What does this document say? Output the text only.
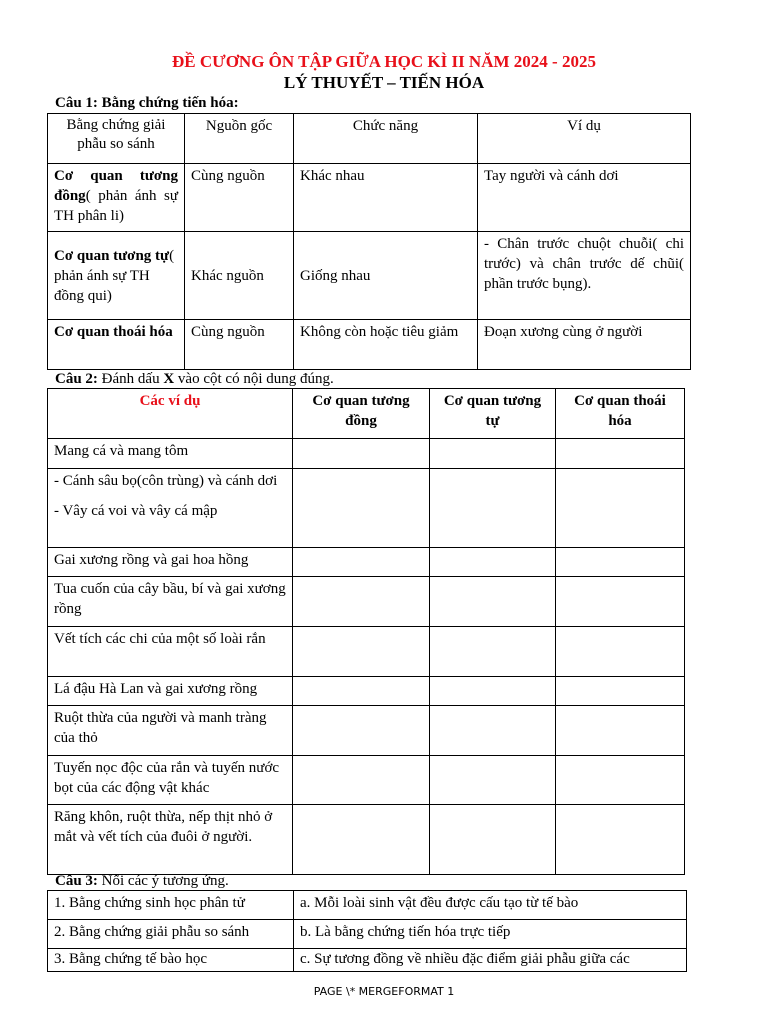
ĐỀ CƯƠNG ÔN TẬP GIỮA HỌC KÌ II NĂM 2024 - 2025
LÝ THUYẾT – TIẾN HÓA
Câu 1: Bằng chứng tiến hóa:
Bằng chứng giải phẫu so sánh	Nguồn gốc	Chức năng	Ví dụ
Cơ quan tương đồng( phản ánh sự TH phân li)	Cùng nguồn	Khác nhau	Tay người và cánh dơi
Cơ quan tương tự( phản ánh sự TH đồng qui)	Khác nguồn	Giống nhau	- Chân trước chuột chuỗi( chi trước) và chân trước dế chũi( phần trước bụng).
Cơ quan thoái hóa	Cùng nguồn	Không còn hoặc tiêu giảm	Đoạn xương cùng ở người
Câu 2: Đánh dấu X vào cột có nội dung đúng.
Các ví dụ	Cơ quan tương đồng	Cơ quan tương tự	Cơ quan thoái hóa
Mang cá và mang tôm			

- Cánh sâu bọ(côn trùng) và cánh dơi

- Vây cá voi và vây cá mập			

Gai xương rồng và gai hoa hồng			
Tua cuốn của cây bầu, bí và gai xương rồng			
Vết tích các chi của một số loài rắn			
Lá đậu Hà Lan và gai xương rồng			
Ruột thừa của người và manh tràng của thỏ			
Tuyến nọc độc của rắn và tuyến nước bọt của các động vật khác			
Răng khôn, ruột thừa, nếp thịt nhỏ ở mắt và vết tích của đuôi ở người.			
Câu 3: Nối các ý tương ứng.
1. Bằng chứng sinh học phân tử	a. Mỗi loài sinh vật đều được cấu tạo từ tế bào
2. Bằng chứng giải phẫu so sánh	b. Là bằng chứng tiến hóa trực tiếp
3. Bằng chứng tế bào học	c. Sự tương đồng về nhiều đặc điểm giải phẫu giữa các
PAGE \* MERGEFORMAT 1
